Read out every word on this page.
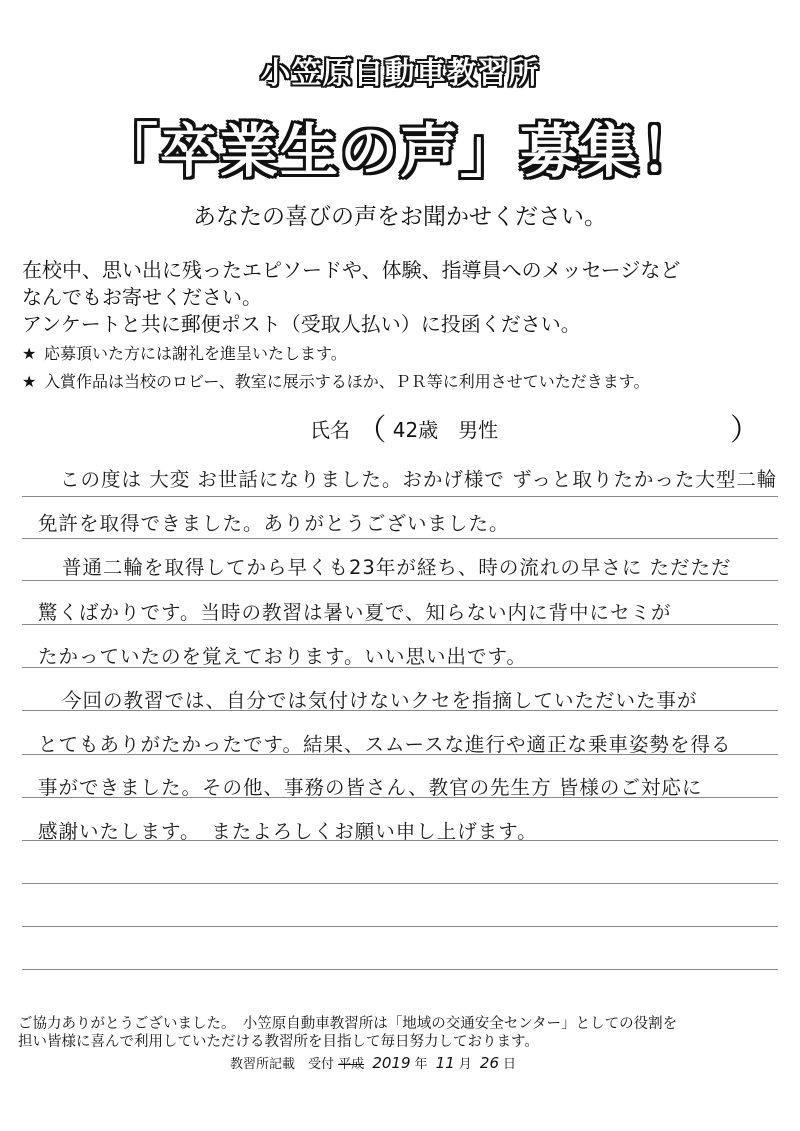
小笠原自動車教習所
「卒業生の声」募集！
あなたの喜びの声をお聞かせください。
在校中、思い出に残ったエピソードや、体験、指導員へのメッセージなど
なんでもお寄せください。
アンケートと共に郵便ポスト（受取人払い）に投函ください。
★ 応募頂いた方には謝礼を進呈いたします。
★ 入賞作品は当校のロビー、教室に展示するほか、ＰＲ等に利用させていただきます。
氏名 （ 42歳　男性	）
この度は 大変 お世話になりました。おかげ様で ずっと取りたかった大型二輪
免許を取得できました。ありがとうございました。
普通二輪を取得してから早くも23年が経ち、時の流れの早さに ただただ
驚くばかりです。当時の教習は暑い夏で、知らない内に背中にセミが
たかっていたのを覚えております。いい思い出です。
今回の教習では、自分では気付けないクセを指摘していただいた事が
とてもありがたかったです。結果、スムースな進行や適正な乗車姿勢を得る
事ができました。その他、事務の皆さん、教官の先生方 皆様のご対応に
感謝いたします。　またよろしくお願い申し上げます。
ご協力ありがとうございました。　小笠原自動車教習所は「地域の交通安全センター」としての役割を
担い皆様に喜んで利用していただける教習所を目指して毎日努力しております。
教習所記載　受付 平成 2019 年 11 月 26 日
